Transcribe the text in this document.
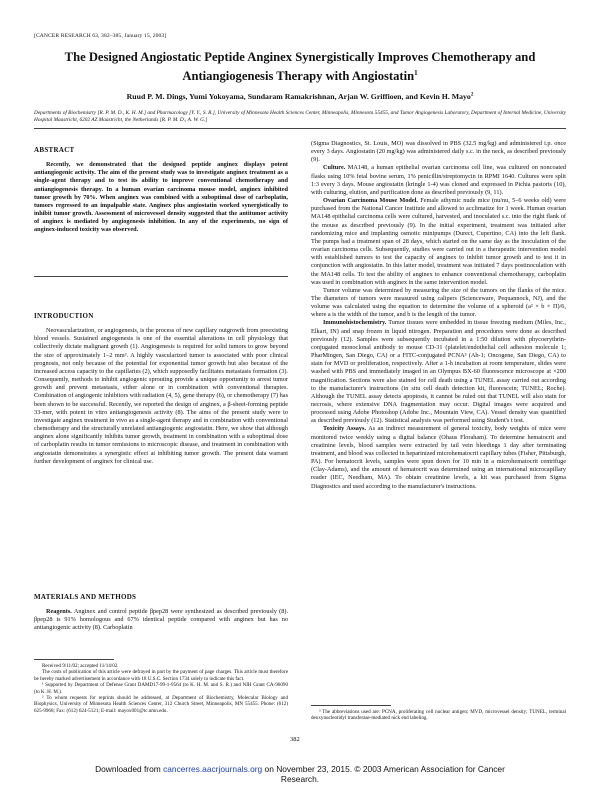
[CANCER RESEARCH 63, 382–385, January 15, 2003]
The Designed Angiostatic Peptide Anginex Synergistically Improves Chemotherapy and Antiangiogenesis Therapy with Angiostatin$^1$
Ruud P. M. Dings, Yumi Yokoyama, Sundaram Ramakrishnan, Arjan W. Griffioen, and Kevin H. Mayo$^2$
Departments of Biochemistry [R. P. M. D., K. H. M.] and Pharmacology [Y. Y., S. R.], University of Minnesota Health Sciences Center, Minneapolis, Minnesota 55455, and Tumor Angiogenesis Laboratory, Department of Internal Medicine, University Hospital Maastricht, 6202 AZ Maastricht, the Netherlands [R. P. M. D., A. W. G.]

ABSTRACT

Recently, we demonstrated that the designed peptide anginex displays potent antiangiogenic activity. The aim of the present study was to investigate anginex treatment as a single-agent therapy and to test its ability to improve conventional chemotherapy and antiangiogenesis therapy. In a human ovarian carcinoma mouse model, anginex inhibited tumor growth by 70%. When anginex was combined with a suboptimal dose of carboplatin, tumors regressed to an impalpable state. Anginex plus angiostatin worked synergistically to inhibit tumor growth. Assessment of microvessel density suggested that the antitumor activity of anginex is mediated by angiogenesis inhibition. In any of the experiments, no sign of anginex-induced toxicity was observed.

INTRODUCTION

Neovascularization, or angiogenesis, is the process of new capillary outgrowth from preexisting blood vessels. Sustained angiogenesis is one of the essential alterations in cell physiology that collectively dictate malignant growth (1). Angiogenesis is required for solid tumors to grow beyond the size of approximately 1–2 mm³. A highly vascularized tumor is associated with poor clinical prognosis, not only because of the potential for exponential tumor growth but also because of the increased access capacity to the capillaries (2), which supposedly facilitates metastasis formation (3). Consequently, methods to inhibit angiogenic sprouting provide a unique opportunity to arrest tumor growth and prevent metastasis, either alone or in combination with conventional therapies. Combination of angiogenic inhibitors with radiation (4, 5), gene therapy (6), or chemotherapy (7) has been shown to be successful. Recently, we reported the design of anginex, a β-sheet-forming peptide 33-mer, with potent in vitro antiangiogenesis activity (8). The aims of the present study were to investigate anginex treatment in vivo as a single-agent therapy and in combination with conventional chemotherapy and the structurally unrelated antiangiogenic angiostatin. Here, we show that although anginex alone significantly inhibits tumor growth, treatment in combination with a suboptimal dose of carboplatin results in tumor remissions to microscopic disease, and treatment in combination with angiostatin demonstrates a synergistic effect at inhibiting tumor growth. The present data warrant further development of anginex for clinical use.

MATERIALS AND METHODS

Reagents. Anginex and control peptide βpep28 were synthesized as described previously (8). βpep28 is 91% homologous and 67% identical peptide compared with anginex but has no antiangiogenic activity (8). Carboplatin

Received 9/11/02; accepted 11/14/02.

The costs of publication of this article were defrayed in part by the payment of page charges. This article must therefore be hereby marked advertisement in accordance with 18 U.S.C. Section 1734 solely to indicate this fact.

¹ Supported by Department of Defense Grant DAMD17-99-1-9564 (to K. H. M. and S. R.) and NIH Grant CA-96090 (to K. H. M.).

² To whom requests for reprints should be addressed, at Department of Biochemistry, Molecular Biology and Biophysics, University of Minnesota Health Sciences Center, 312 Church Street, Minneapolis, MN 55455. Phone: (612) 625-9968; Fax: (612) 624-5121; E-mail: mayox001@tc.umn.edu.

(Sigma Diagnostics, St. Louis, MO) was dissolved in PBS (32.5 mg/kg) and administered i.p. once every 3 days. Angiostatin (20 mg/kg) was administered daily s.c. in the neck, as described previously (9).

Culture. MA148, a human epithelial ovarian carcinoma cell line, was cultured on noncoated flasks using 10% fetal bovine serum, 1% penicillin/streptomycin in RPMI 1640. Cultures were split 1:3 every 3 days. Mouse angiostatin (kringle 1-4) was cloned and expressed in Pichia pastoris (10), with culturing, elution, and purification done as described previously (9, 11).

Ovarian Carcinoma Mouse Model. Female athymic nude mice (nu/nu, 5–6 weeks old) were purchased from the National Cancer Institute and allowed to acclimatize for 1 week. Human ovarian MA148 epithelial carcinoma cells were cultured, harvested, and inoculated s.c. into the right flank of the mouse as described previously (9). In the initial experiment, treatment was initiated after randomizing mice and implanting osmotic minipumps (Durect, Cupertino, CA) into the left flank. The pumps had a treatment span of 28 days, which started on the same day as the inoculation of the ovarian carcinoma cells. Subsequently, studies were carried out in a therapeutic intervention model with established tumors to test the capacity of anginex to inhibit tumor growth and to test it in conjunction with angiostatin. In this latter model, treatment was initiated 7 days postinoculation with the MA148 cells. To test the ability of anginex to enhance conventional chemotherapy, carboplatin was used in combination with anginex in the same intervention model.

Tumor volume was determined by measuring the size of the tumors on the flanks of the mice. The diameters of tumors were measured using calipers (Scienceware, Pequannock, NJ), and the volume was calculated using the equation to determine the volume of a spheroid (a² × b × Π)/6, where a is the width of the tumor, and b is the length of the tumor.

Immunohistochemistry. Tumor tissues were embedded in tissue freezing medium (Miles, Inc., Elkart, IN) and snap frozen in liquid nitrogen. Preparation and procedures were done as described previously (12). Samples were subsequently incubated in a 1:50 dilution with phycoerythrin-conjugated monoclonal antibody to mouse CD-31 (platelet/endothelial cell adhesion molecule 1; PharMingen, San Diego, CA) or a FITC-conjugated PCNA³ (Ab-1; Oncogene, San Diego, CA) to stain for MVD or proliferation, respectively. After a 1-h incubation at room temperature, slides were washed with PBS and immediately imaged in an Olympus BX-60 fluorescence microscope at ×200 magnification. Sections were also stained for cell death using a TUNEL assay carried out according to the manufacturer's instructions (in situ cell death detection kit, fluorescein; TUNEL; Roche). Although the TUNEL assay detects apoptosis, it cannot be ruled out that TUNEL will also stain for necrosis, where extensive DNA fragmentation may occur. Digital images were acquired and processed using Adobe Photoshop (Adobe Inc., Mountain View, CA). Vessel density was quantified as described previously (12). Statistical analysis was performed using Student's t test.

Toxicity Assays. As an indirect measurement of general toxicity, body weights of mice were monitored twice weekly using a digital balance (Ohaus Floraham). To determine hematocrit and creatinine levels, blood samples were extracted by tail vein bleedings 1 day after terminating treatment, and blood was collected in heparinized microhematocrit capillary tubes (Fisher, Pittsburgh, PA). For hematocrit levels, samples were spun down for 10 min in a microhematocrit centrifuge (Clay-Adams), and the amount of hematocrit was determined using an international microcapillary reader (IEC, Needham, MA). To obtain creatinine levels, a kit was purchased from Sigma Diagnostics and used according to the manufacturer's instructions.

³ The abbreviations used are: PCNA, proliferating cell nuclear antigen; MVD, microvessel density; TUNEL, terminal deoxynucleotidyl transferase-mediated nick end labeling.

382
Downloaded from cancerres.aacrjournals.org on November 23, 2015. © 2003 American Association for Cancer
Research.
